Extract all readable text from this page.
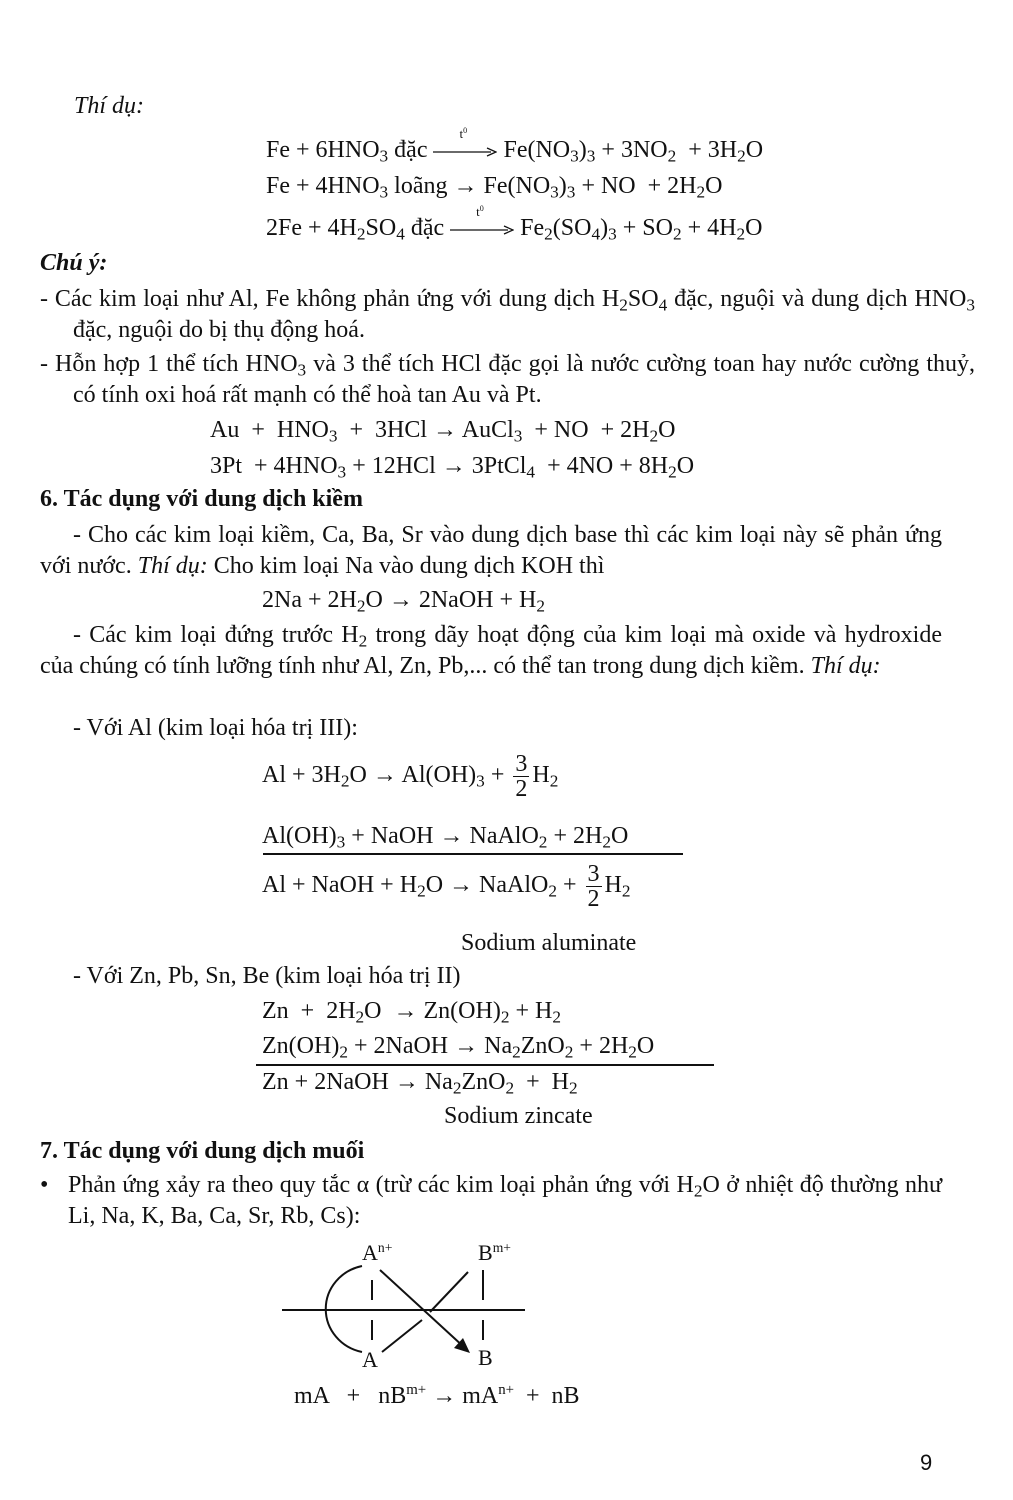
Thí dụ:
$Fe + 6HNO_3$ đặc
$t^0$
$Fe(NO_3)_3 + 3NO_2 + 3H_2O$
$Fe + 4HNO_3$ loãng → $Fe(NO_3)_3$ + NO  + $2H_2O$
$2Fe + 4H_2SO_4$ đặc
$t^0$
$Fe_2(SO_4)_3 + SO_2 + 4H_2O$
Chú ý:
- Các kim loại như Al, Fe không phản ứng với dung dịch $H_2SO_4$ đặc, nguội và dung dịch $HNO_3$ đặc, nguội do bị thụ động hoá.
- Hỗn hợp 1 thể tích $HNO_3$ và 3 thể tích HCl đặc gọi là nước cường toan hay nước cường thuỷ, có tính oxi hoá rất mạnh có thể hoà tan Au và Pt.
$Au + HNO_3 + 3HCl$ → AuCl$_3$  + NO  + $2H_2O$
$3Pt + 4HNO_3 + 12HCl$ → 3PtCl$_4$  + $4NO + 8H_2O$
6. Tác dụng với dung dịch kiềm
- Cho các kim loại kiềm, Ca, Ba, Sr vào dung dịch base thì các kim loại này sẽ phản ứng với nước. Thí dụ: Cho kim loại Na vào dung dịch KOH thì
$2Na + 2H_2O$ → 2NaOH + $H_2$
- Các kim loại đứng trước $H_2$ trong dãy hoạt động của kim loại mà oxide và hydroxide của chúng có tính lưỡng tính như Al, Zn, Pb,... có thể tan trong dung dịch kiềm. Thí dụ:
- Với Al (kim loại hóa trị III):
$Al + 3H_2O \to Al(OH)_3 + \frac{3}{2} H_2$
$Al(OH)_3$ + NaOH → NaAlO$_2$ + $2H_2O$
Al + NaOH + $H_2O$ → NaAlO$_2$ + $\frac{3}{2} H_2$
Sodium aluminate
- Với Zn, Pb, Sn, Be (kim loại hóa trị II)
$Zn + 2H_2O \to Zn(OH)_2 + H_2$
$Zn(OH)_2$ + 2NaOH → $Na_2ZnO_2 + 2H_2O$
Zn + 2NaOH → $Na_2ZnO_2 + H_2$
Sodium zincate
7. Tác dụng với dung dịch muối
• Phản ứng xảy ra theo quy tắc α (trừ các kim loại phản ứng với $H_2O$ ở nhiệt độ thường như Li, Na, K, Ba, Ca, Sr, Rb, Cs):
$A^{n+}$	$B^{m+}$
A	B
mA   +   $nB^{m+} \to mA^{n+}$  +  nB
9
